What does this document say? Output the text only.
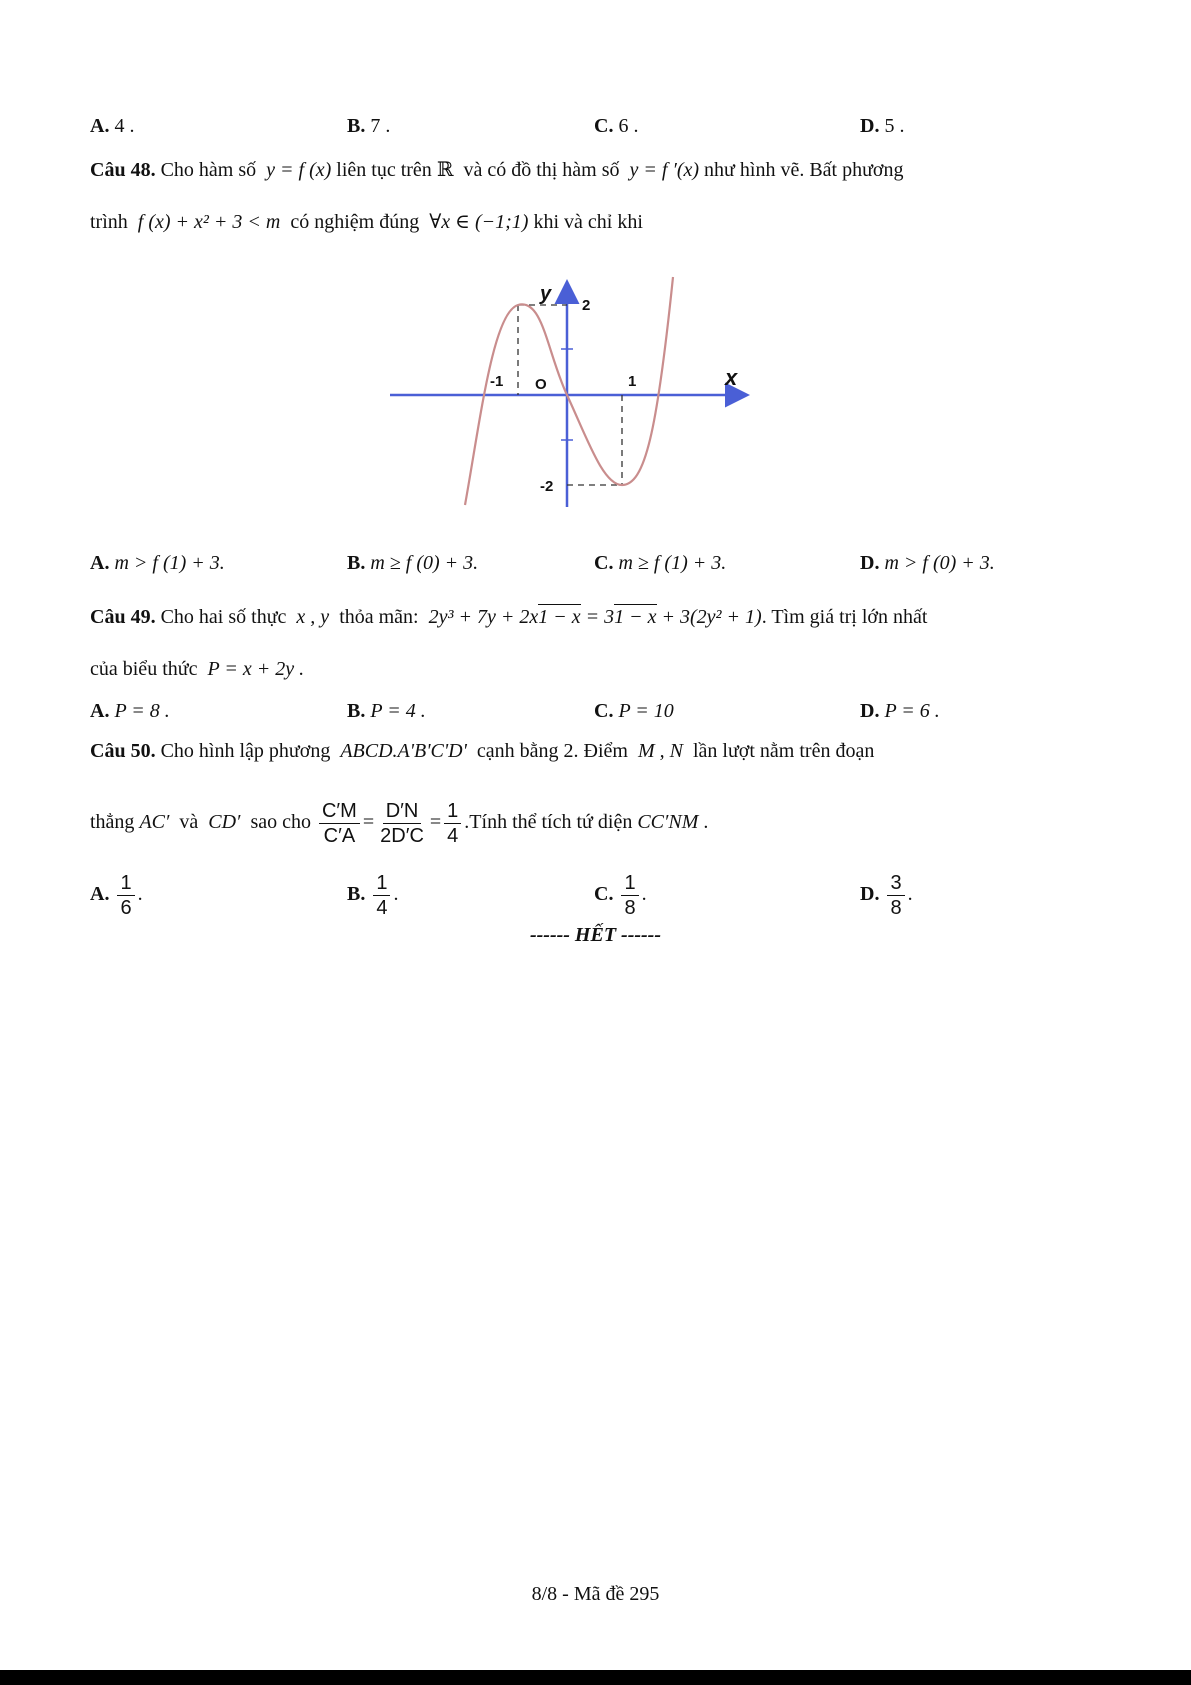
A. 4 .	B. 7 .	C. 6 .	D. 5 .
Câu 48. Cho hàm số y = f (x) liên tục trên ℝ và có đồ thị hàm số y = f ′(x) như hình vẽ. Bất phương
trình f (x) + x² + 3 < m có nghiệm đúng ∀x ∈ (−1;1) khi và chỉ khi
y
2
-1 O	1	x
-2
A. m > f (1) + 3.	B. m ≥ f (0) + 3.	C. m ≥ f (1) + 3.	D. m > f (0) + 3.
Câu 49. Cho hai số thực x , y thỏa mãn: 2y³ + 7y + 2x1 − x = 31 − x + 3(2y² + 1). Tìm giá trị lớn nhất
của biểu thức P = x + 2y .
A. P = 8 .	B. P = 4 .	C. P = 10	D. P = 6 .
Câu 50. Cho hình lập phương ABCD.A'B'C'D' cạnh bằng 2. Điểm M , N lần lượt nằm trên đoạn
thẳng AC′ và CD′ sao cho $\frac{C'M}{C'A} = \frac{D'N}{2D'C} = \frac{1}{4}$ .Tính thể tích tứ diện CC′NM .
A. $\frac{1}{6}$ .	B. $\frac{1}{4}$ .	C. $\frac{1}{8}$ .	D. $\frac{3}{8}$ .
------ HẾT ------
8/8 - Mã đề 295
